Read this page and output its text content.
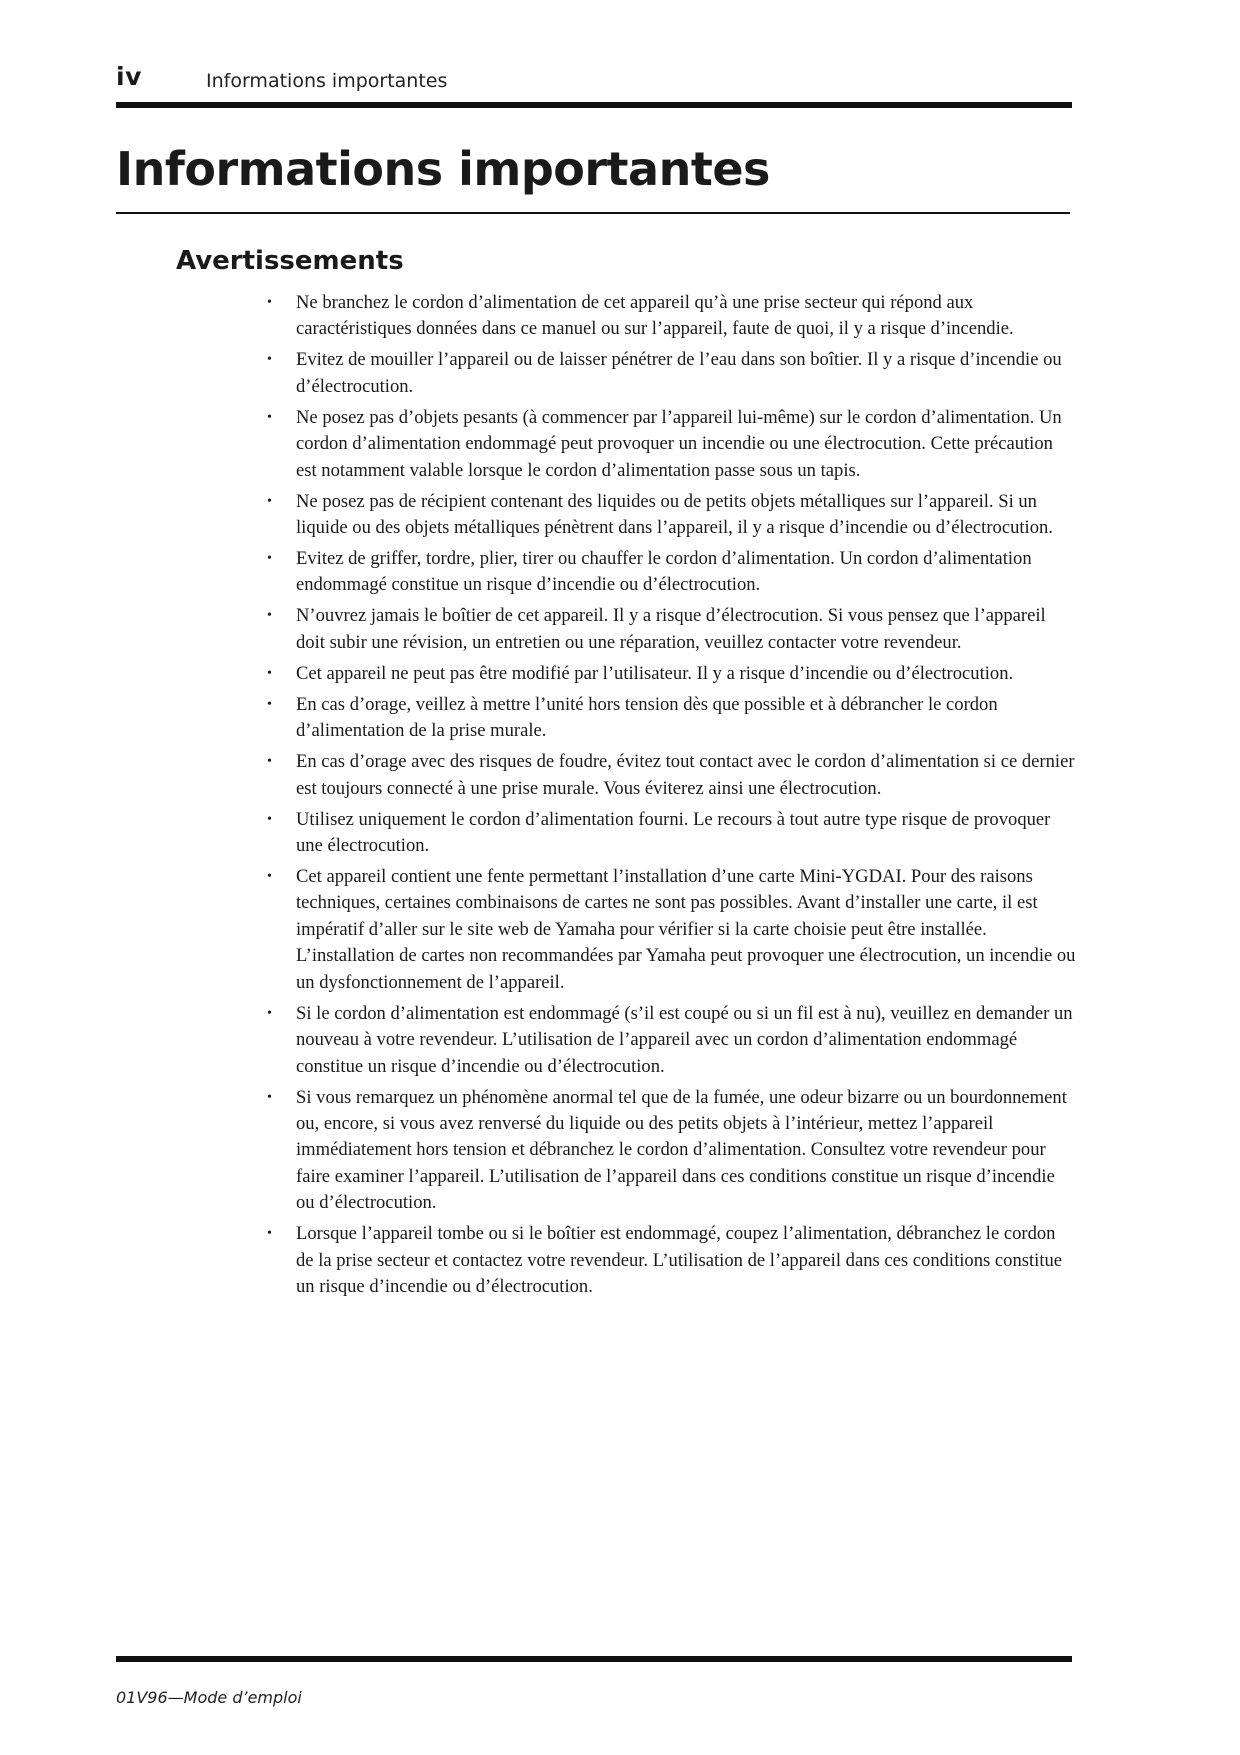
iv	Informations importantes
Informations importantes
Avertissements
• Ne branchez le cordon d’alimentation de cet appareil qu’à une prise secteur qui répond aux caractéristiques données dans ce manuel ou sur l’appareil, faute de quoi, il y a risque d’incendie.
• Evitez de mouiller l’appareil ou de laisser pénétrer de l’eau dans son boîtier. Il y a risque d’incendie ou d’électrocution.
• Ne posez pas d’objets pesants (à commencer par l’appareil lui-même) sur le cordon d’alimentation. Un cordon d’alimentation endommagé peut provoquer un incendie ou une électrocution. Cette précaution est notamment valable lorsque le cordon d’alimentation passe sous un tapis.
• Ne posez pas de récipient contenant des liquides ou de petits objets métalliques sur l’appareil. Si un liquide ou des objets métalliques pénètrent dans l’appareil, il y a risque d’incendie ou d’électrocution.
• Evitez de griffer, tordre, plier, tirer ou chauffer le cordon d’alimentation. Un cordon d’alimentation endommagé constitue un risque d’incendie ou d’électrocution.
• N’ouvrez jamais le boîtier de cet appareil. Il y a risque d’électrocution. Si vous pensez que l’appareil doit subir une révision, un entretien ou une réparation, veuillez contacter votre revendeur.
• Cet appareil ne peut pas être modifié par l’utilisateur. Il y a risque d’incendie ou d’électrocution.
• En cas d’orage, veillez à mettre l’unité hors tension dès que possible et à débrancher le cordon d’alimentation de la prise murale.
• En cas d’orage avec des risques de foudre, évitez tout contact avec le cordon d’alimentation si ce dernier est toujours connecté à une prise murale. Vous éviterez ainsi une électrocution.
• Utilisez uniquement le cordon d’alimentation fourni. Le recours à tout autre type risque de provoquer une électrocution.
• Cet appareil contient une fente permettant l’installation d’une carte Mini-YGDAI. Pour des raisons techniques, certaines combinaisons de cartes ne sont pas possibles. Avant d’installer une carte, il est impératif d’aller sur le site web de Yamaha pour vérifier si la carte choisie peut être installée. L’installation de cartes non recommandées par Yamaha peut provoquer une électrocution, un incendie ou un dysfonctionnement de l’appareil.
• Si le cordon d’alimentation est endommagé (s’il est coupé ou si un fil est à nu), veuillez en demander un nouveau à votre revendeur. L’utilisation de l’appareil avec un cordon d’alimentation endommagé constitue un risque d’incendie ou d’électrocution.
• Si vous remarquez un phénomène anormal tel que de la fumée, une odeur bizarre ou un bourdonnement ou, encore, si vous avez renversé du liquide ou des petits objets à l’intérieur, mettez l’appareil immédiatement hors tension et débranchez le cordon d’alimentation. Consultez votre revendeur pour faire examiner l’appareil. L’utilisation de l’appareil dans ces conditions constitue un risque d’incendie ou d’électrocution.
• Lorsque l’appareil tombe ou si le boîtier est endommagé, coupez l’alimentation, débranchez le cordon de la prise secteur et contactez votre revendeur. L’utilisation de l’appareil dans ces conditions constitue un risque d’incendie ou d’électrocution.
01V96—Mode d’emploi
